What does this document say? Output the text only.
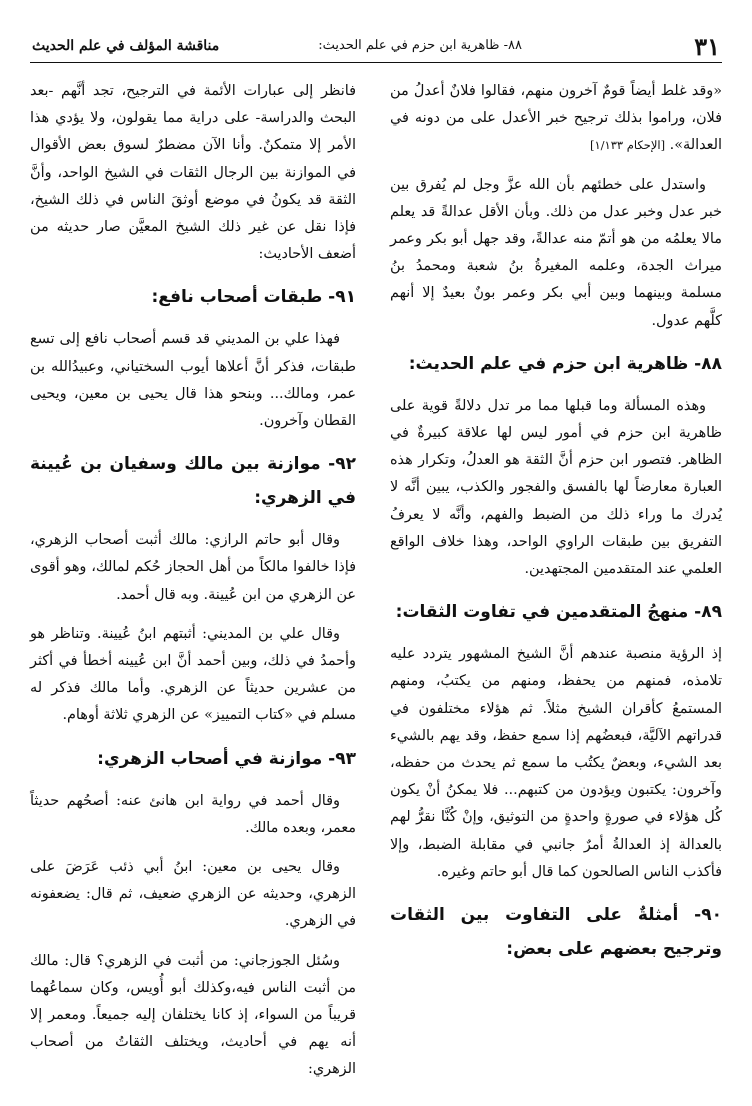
٣١
٨٨- ظاهرية ابن حزم في علم الحديث:
مناقشة المؤلف في علم الحديث

«وقد غلط أيضاً قومٌ آخرون منهم، فقالوا فلانٌ أعدلُ من فلان، وراموا بذلك ترجيح خبر الأعدل على من دونه في العدالة». [الإحكام ١/١٣٣]

واستدل على خطئهم بأن الله عزَّ وجل لم يُفرق بين خبر عدل وخبر عدل من ذلك. وبأن الأقل عدالةً قد يعلم مالا يعلمُه من هو أتمّ منه عدالةً، وقد جهل أبو بكر وعمر ميراث الجدة، وعلمه المغيرةُ بنُ شعبة ومحمدُ بنُ مسلمة وبينهما وبين أبي بكر وعمر بونٌ بعيدٌ إلا أنهم كلَّهم عدول.

٨٨- ظاهرية ابن حزم في علم الحديث:

وهذه المسألة وما قبلها مما مر تدل دلالةً قوية على ظاهرية ابن حزم في أمور ليس لها علاقة كبيرةٌ في الظاهر. فتصور ابن حزم أنَّ الثقة هو العدلُ، وتكرار هذه العبارة معارضاً لها بالفسق والفجور والكذب، يبين أنَّه لا يُدرك ما وراء ذلك من الضبط والفهم، وأنَّه لا يعرفُ التفريق بين طبقات الراوي الواحد، وهذا خلاف الواقع العلمي عند المتقدمين المجتهدين.

٨٩- منهجُ المتقدمين في تفاوت الثقات:

إذ الرؤية منصبة عندهم أنَّ الشيخ المشهور يتردد عليه تلامذه، فمنهم من يحفظ، ومنهم من يكتبُ، ومنهم المستمعُ كأقران الشيخ مثلاً. ثم هؤلاء مختلفون في قدراتهم الآليَّة، فبعضُهم إذا سمع حفظ، وقد يهم بالشيء بعد الشيء، وبعضٌ يكتُب ما سمع ثم يحدث من حفظه، وآخرون: يكتبون ويؤدون من كتبهم... فلا يمكنُ أنْ يكون كُل هؤلاء في صورةٍ واحدةٍ من التوثيق، وإنْ كُنَّا نقرُّ لهم بالعدالة إذ العدالةُ أمرٌ جانبي في مقابلة الضبط، وإلا فأكذب الناس الصالحون كما قال أبو حاتم وغيره.

٩٠- أمثلةٌ على التفاوت بين الثقات وترجيح بعضهم على بعض:

فانظر إلى عبارات الأئمة في الترجيح، تجد أنَّهم -بعد البحث والدراسة- على دراية مما يقولون، ولا يؤدي هذا الأمر إلا متمكنٌ. وأنا الآن مضطرٌ لسوق بعض الأقوال في الموازنة بين الرجال الثقات في الشيخ الواحد، وأنَّ الثقة قد يكونُ في موضع أوثقَ الناس في ذلك الشيخ، فإذا نقل عن غير ذلك الشيخ المعيَّن صار حديثه من أضعف الأحاديث:

٩١- طبقات أصحاب نافع:

فهذا علي بن المديني قد قسم أصحاب نافع إلى تسع طبقات، فذكر أنَّ أعلاها أيوب السختياني، وعبيدُالله بن عمر، ومالك... وبنحو هذا قال يحيى بن معين، ويحيى القطان وآخرون.

٩٢- موازنة بين مالك وسفيان بن عُيينة في الزهري:

وقال أبو حاتم الرازي: مالك أثبت أصحاب الزهري، فإذا خالفوا مالكاً من أهل الحجاز حُكم لمالك، وهو أقوى عن الزهري من ابن عُيينة. وبه قال أحمد.

وقال علي بن المديني: أثبتهم ابنُ عُيينة. وتناظر هو وأحمدُ في ذلك، وبين أحمد أنَّ ابن عُيينه أخطأ في أكثر من عشرين حديثاً عن الزهري. وأما مالك فذكر له مسلم في «كتاب التمييز» عن الزهري ثلاثة أوهام.

٩٣- موازنة في أصحاب الزهري:

وقال أحمد في رواية ابن هانئ عنه: أصحُهم حديثاً معمر، وبعده مالك.

وقال يحيى بن معين: ابنُ أبي ذئب عَرَضَ على الزهري، وحديثه عن الزهري ضعيف، ثم قال: يضعفونه في الزهري.

وسُئل الجوزجاني: من أثبت في الزهري؟ قال: مالك من أثبت الناس فيه،وكذلك أبو أُويس، وكان سماعُهما قريباً من السواء، إذ كانا يختلفان إليه جميعاً. ومعمر إلا أنه يهم في أحاديث، ويختلف الثقاتُ من أصحاب الزهري:
